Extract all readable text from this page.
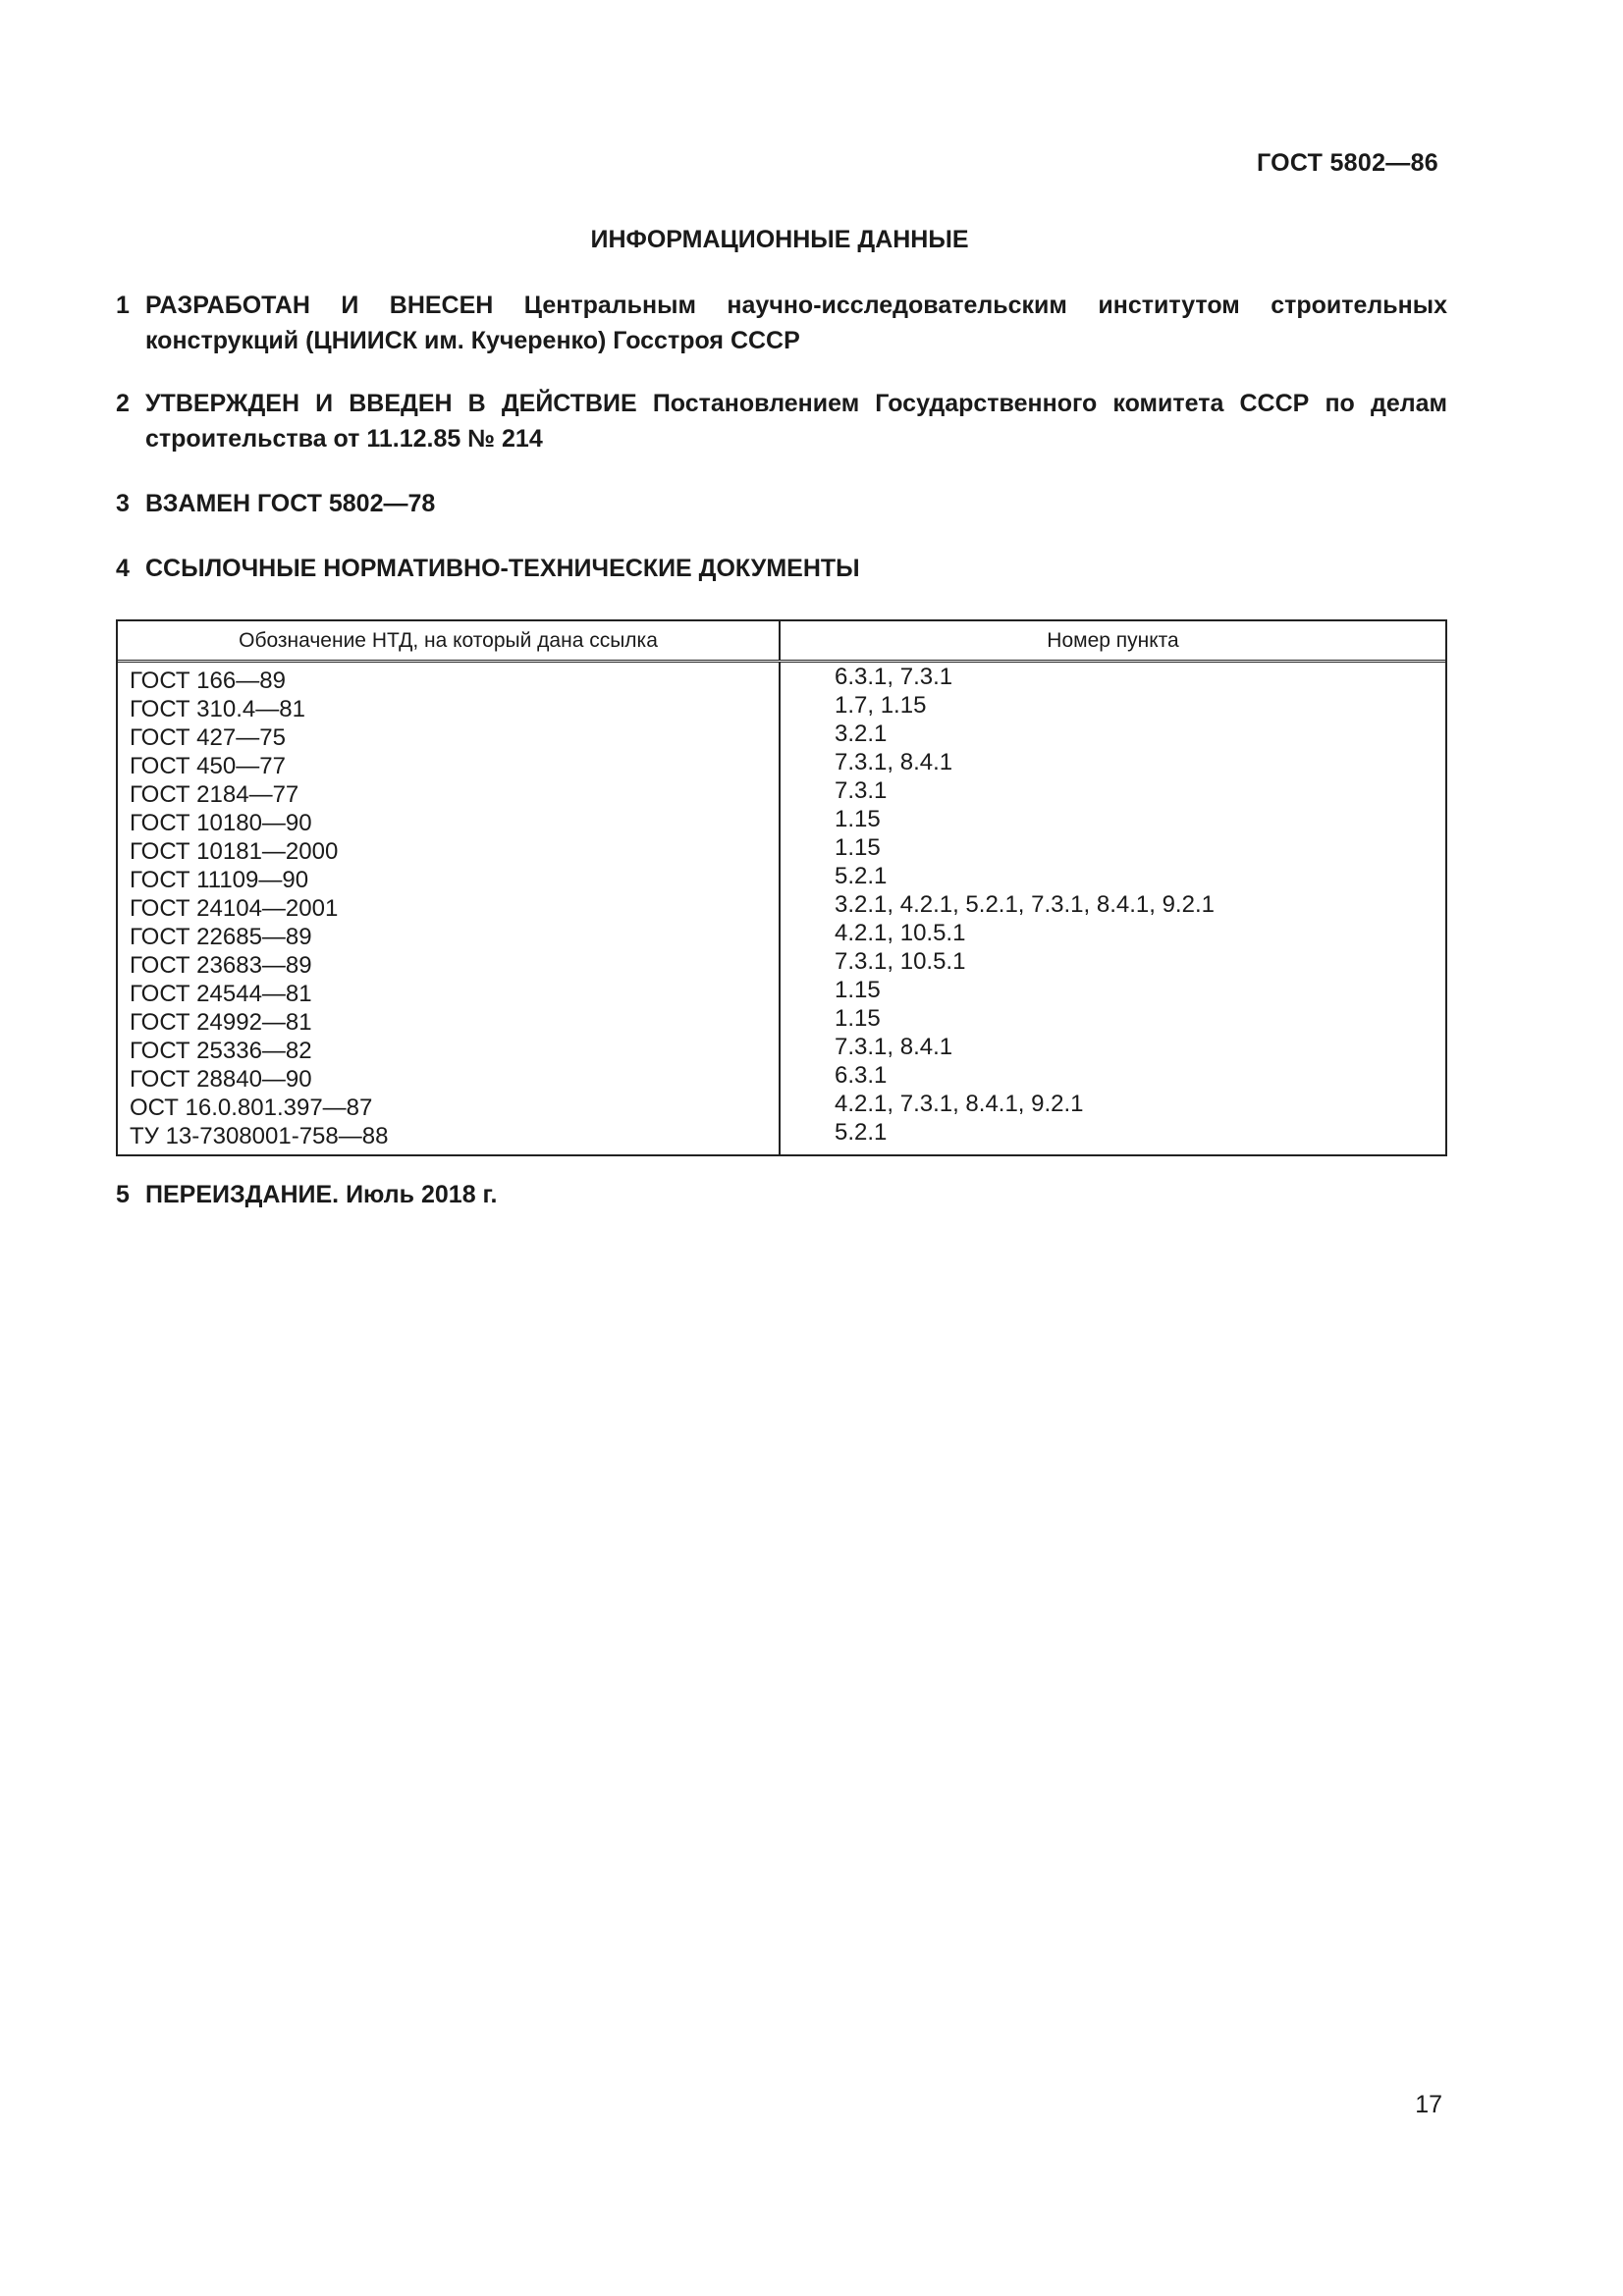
ГОСТ 5802—86
ИНФОРМАЦИОННЫЕ ДАННЫЕ
1 РАЗРАБОТАН И ВНЕСЕН Центральным научно-исследовательским институтом строительных конструкций (ЦНИИСК им. Кучеренко) Госстроя СССР
2 УТВЕРЖДЕН И ВВЕДЕН В ДЕЙСТВИЕ Постановлением Государственного комитета СССР по делам строительства от 11.12.85 № 214
3 ВЗАМЕН ГОСТ 5802—78
4 ССЫЛОЧНЫЕ НОРМАТИВНО-ТЕХНИЧЕСКИЕ ДОКУМЕНТЫ
Обозначение НТД, на который дана ссылка	Номер пункта
ГОСТ 166—89
ГОСТ 310.4—81
ГОСТ 427—75
ГОСТ 450—77
ГОСТ 2184—77
ГОСТ 10180—90
ГОСТ 10181—2000
ГОСТ 11109—90
ГОСТ 24104—2001
ГОСТ 22685—89
ГОСТ 23683—89
ГОСТ 24544—81
ГОСТ 24992—81
ГОСТ 25336—82
ГОСТ 28840—90
ОСТ 16.0.801.397—87
ТУ 13-7308001-758—88
6.3.1, 7.3.1
1.7, 1.15
3.2.1
7.3.1, 8.4.1
7.3.1
1.15
1.15
5.2.1
3.2.1, 4.2.1, 5.2.1, 7.3.1, 8.4.1, 9.2.1
4.2.1, 10.5.1
7.3.1, 10.5.1
1.15
1.15
7.3.1, 8.4.1
6.3.1
4.2.1, 7.3.1, 8.4.1, 9.2.1
5.2.1
5 ПЕРЕИЗДАНИЕ. Июль 2018 г.
17
